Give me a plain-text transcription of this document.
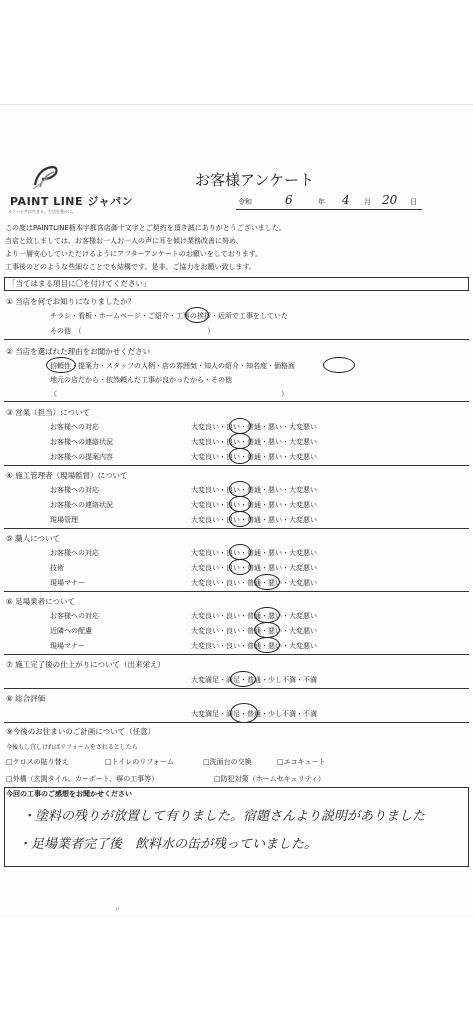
PAINT LINE ジャパン
カラーと共に生きる、生活を豊かに。
お客様アンケート
令和	6	年 4 月 20 日
この度はPAINTLINE栃木宇都宮店御十文字とご契約を頂き誠にありがとうございました。
当店と致しましては、お客様お一人お一人の声に耳を傾け業務改善に努め、
より一層安心していただけるようにアフターアンケートのお願いをしております。
工事後のどのような些細なことでも結構です。是非、ご協力をお願い致します。
「当てはまる項目に〇を付けてください」
① 当店を何でお知りになりましたか？
チラシ・看板・ホームページ・ご紹介・工事の挨拶・近所で工事をしていた
その他　（　　　　　　　　　　　　　　　　　　）
② 当店を選ばれた理由をお聞かせください
信頼性・提案力・スタッフの人柄・店の雰囲気・知人の紹介・知名度・価格面
地元の店だから・依然頼んだ工事が良かったから・その他
（　　　　　　　　　　　　　　　　　　　　　　　　　　　　　　　　）
③ 営業（担当）について
お客様への対応	大変良い・良い・普通・悪い・大変悪い
お客様への連絡状況	大変良い・良い・普通・悪い・大変悪い
お客様への提案内容	大変良い・良い・普通・悪い・大変悪い
④ 施工管理者（現場監督）について
お客様への対応	大変良い・良い・普通・悪い・大変悪い
お客様への連絡状況	大変良い・良い・普通・悪い・大変悪い
現場管理	大変良い・良い・普通・悪い・大変悪い
⑤ 職人について
お客様への対応	大変良い・良い・普通・悪い・大変悪い
技術	大変良い・良い・普通・悪い・大変悪い
現場マナー	大変良い・良い・普通・悪い・大変悪い
⑥ 足場業者について
お客様への対応	大変良い・良い・普通・悪い・大変悪い
近隣への配慮	大変良い・良い・普通・悪い・大変悪い
現場マナー	大変良い・良い・普通・悪い・大変悪い
⑦ 施工完了後の仕上がりについて（出来栄え）
大変満足・満足・普通・少し不満・不満
⑧ 総合評価
大変満足・満足・普通・少し不満・不満
⑨今後のお住まいのご計画について（任意）
今後もし宜しければリフォームをされるとしたら
□クロスの貼り替え	□トイレのリフォーム	□洗面台の交換	□エコキュート
□外構（玄関タイル、カーポート、塀の工事等）	□防犯対策（ホームセキュリティ）
今回の工事のご感想をお聞かせください
・塗料の残りが放置して有りました。宿題さんより説明がありました
・足場業者完了後　飲料水の缶が残っていました。
〃
